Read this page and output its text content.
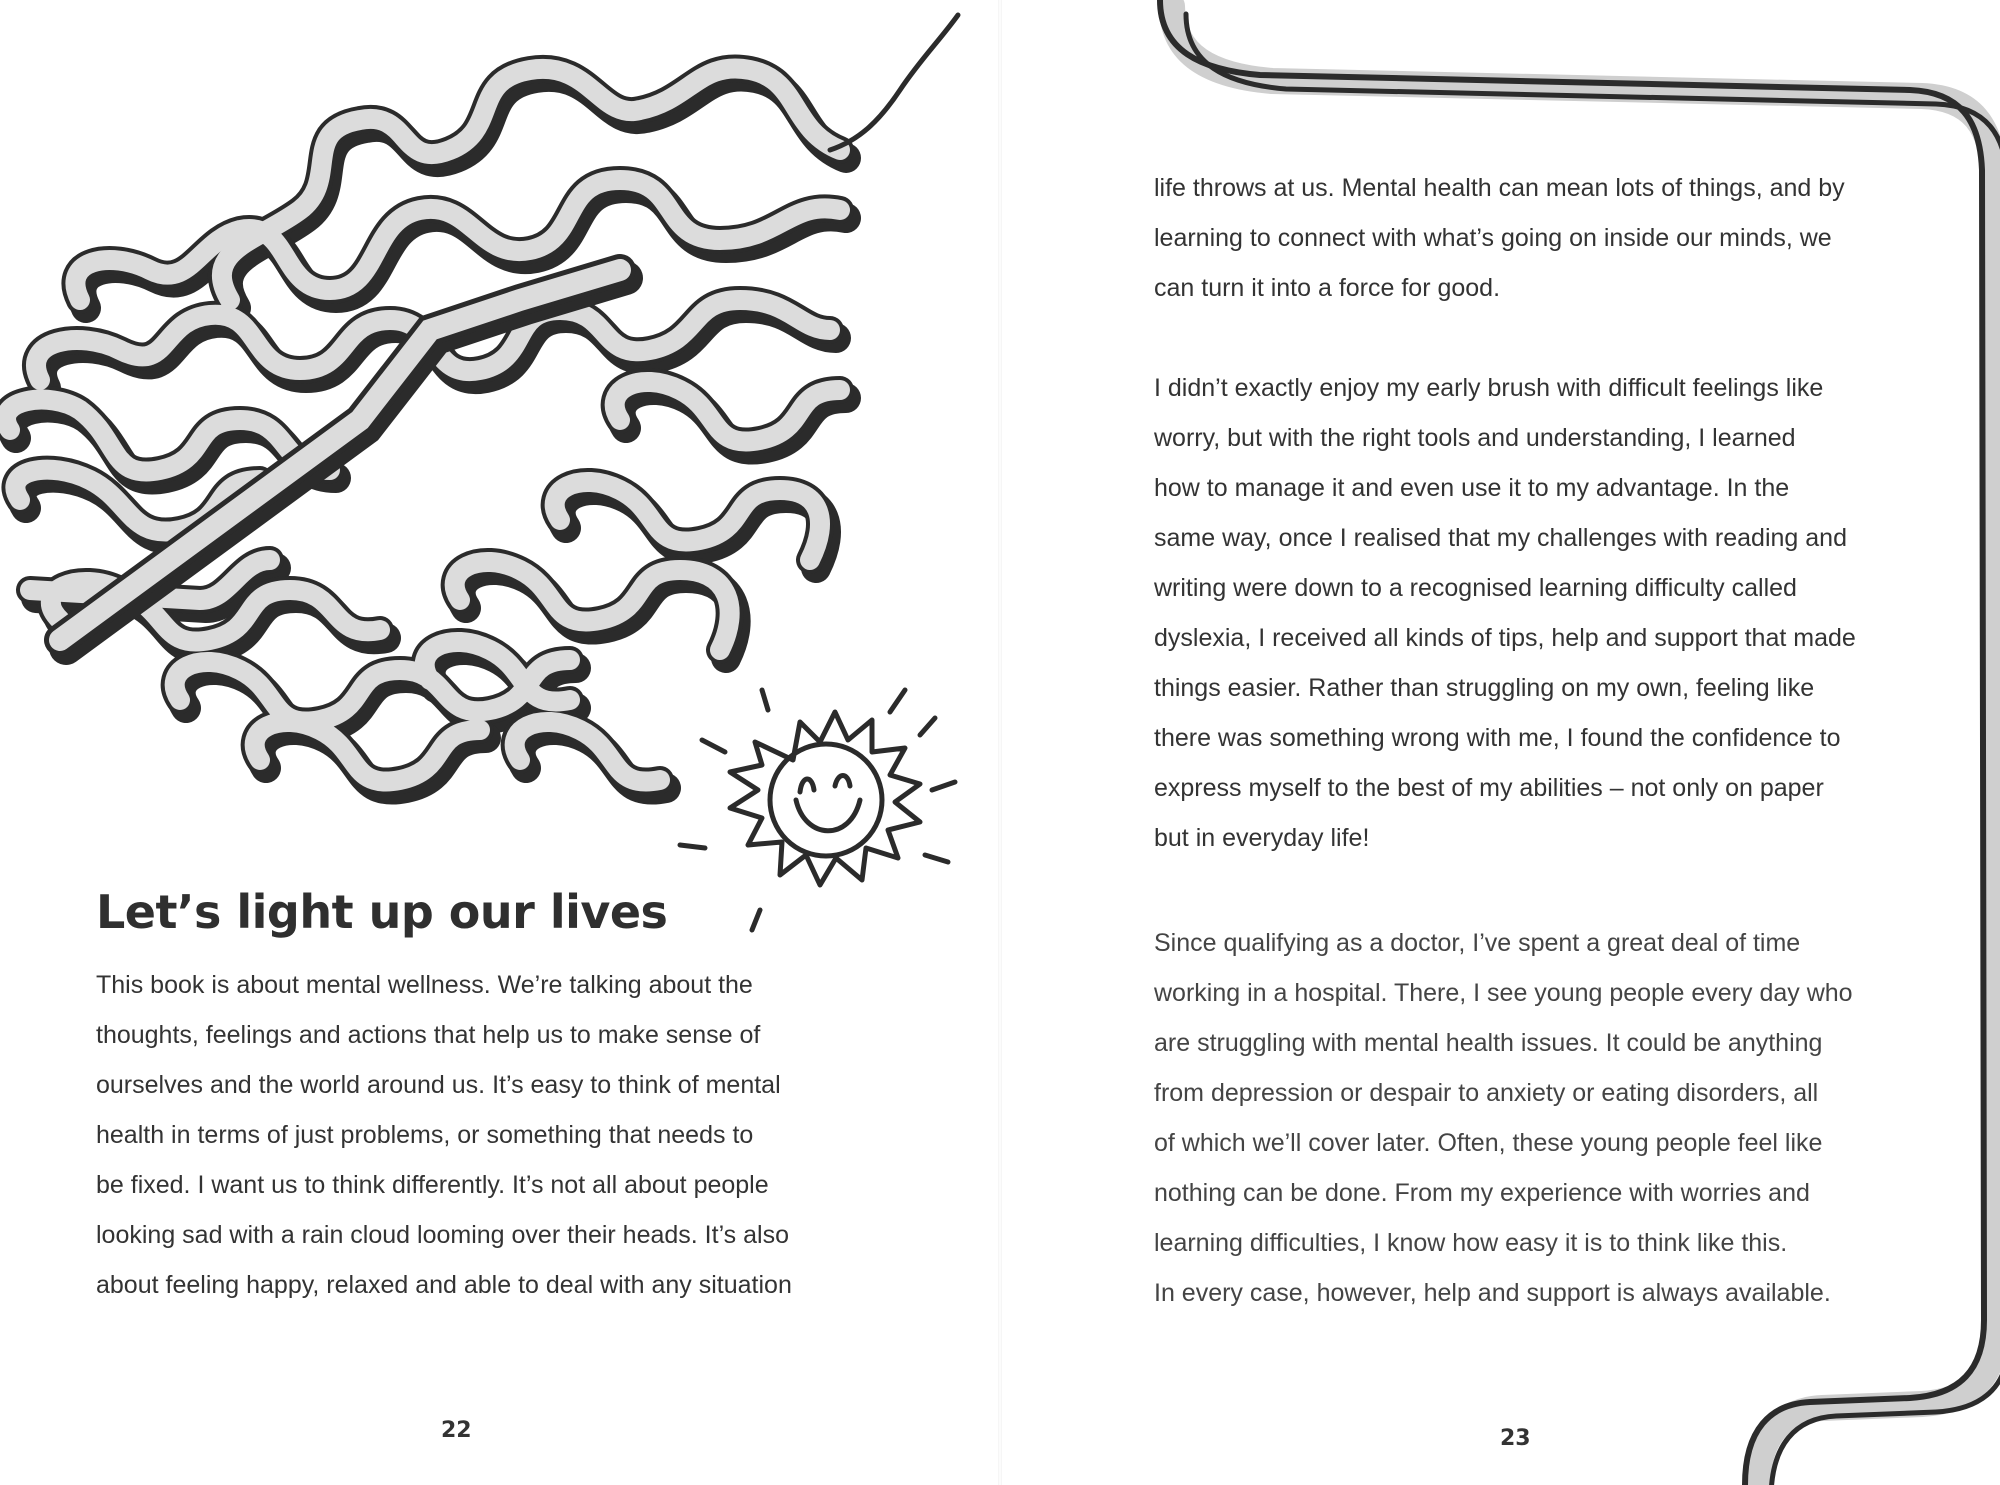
Let’s light up our lives

This book is about mental wellness. We’re talking about the
thoughts, feelings and actions that help us to make sense of
ourselves and the world around us. It’s easy to think of mental
health in terms of just problems, or something that needs to
be fixed. I want us to think differently. It’s not all about people
looking sad with a rain cloud looming over their heads. It’s also
about feeling happy, relaxed and able to deal with any situation

22

life throws at us. Mental health can mean lots of things, and by
learning to connect with what’s going on inside our minds, we
can turn it into a force for good.

I didn’t exactly enjoy my early brush with difficult feelings like
worry, but with the right tools and understanding, I learned
how to manage it and even use it to my advantage. In the
same way, once I realised that my challenges with reading and
writing were down to a recognised learning difficulty called
dyslexia, I received all kinds of tips, help and support that made
things easier. Rather than struggling on my own, feeling like
there was something wrong with me, I found the confidence to
express myself to the best of my abilities – not only on paper
but in everyday life!

Since qualifying as a doctor, I’ve spent a great deal of time
working in a hospital. There, I see young people every day who
are struggling with mental health issues. It could be anything
from depression or despair to anxiety or eating disorders, all
of which we’ll cover later. Often, these young people feel like
nothing can be done. From my experience with worries and
learning difficulties, I know how easy it is to think like this.
In every case, however, help and support is always available.

23
